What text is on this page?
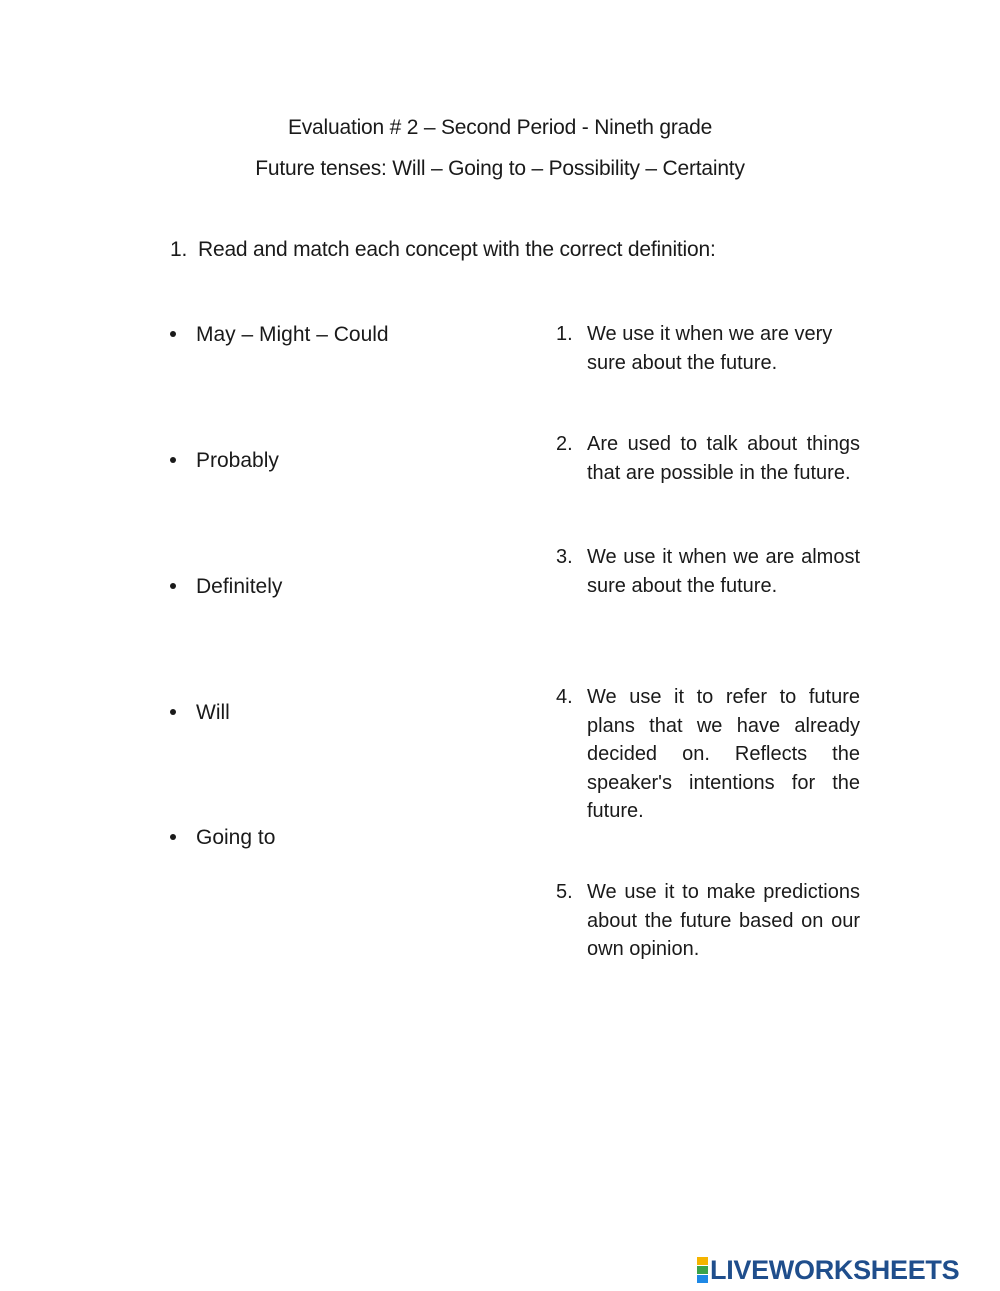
Evaluation # 2 – Second Period - Nineth grade
Future tenses: Will – Going to – Possibility – Certainty
1. Read and match each concept with the correct definition:
May – Might – Could
Probably
Definitely
Will
Going to
1. We use it when we are very sure about the future.
2. Are used to talk about things that are possible in the future.
3. We use it when we are almost sure about the future.
4. We use it to refer to future plans that we have already decided on. Reflects the speaker's intentions for the future.
5. We use it to make predictions about the future based on our own opinion.
LIVEWORKSHEETS
